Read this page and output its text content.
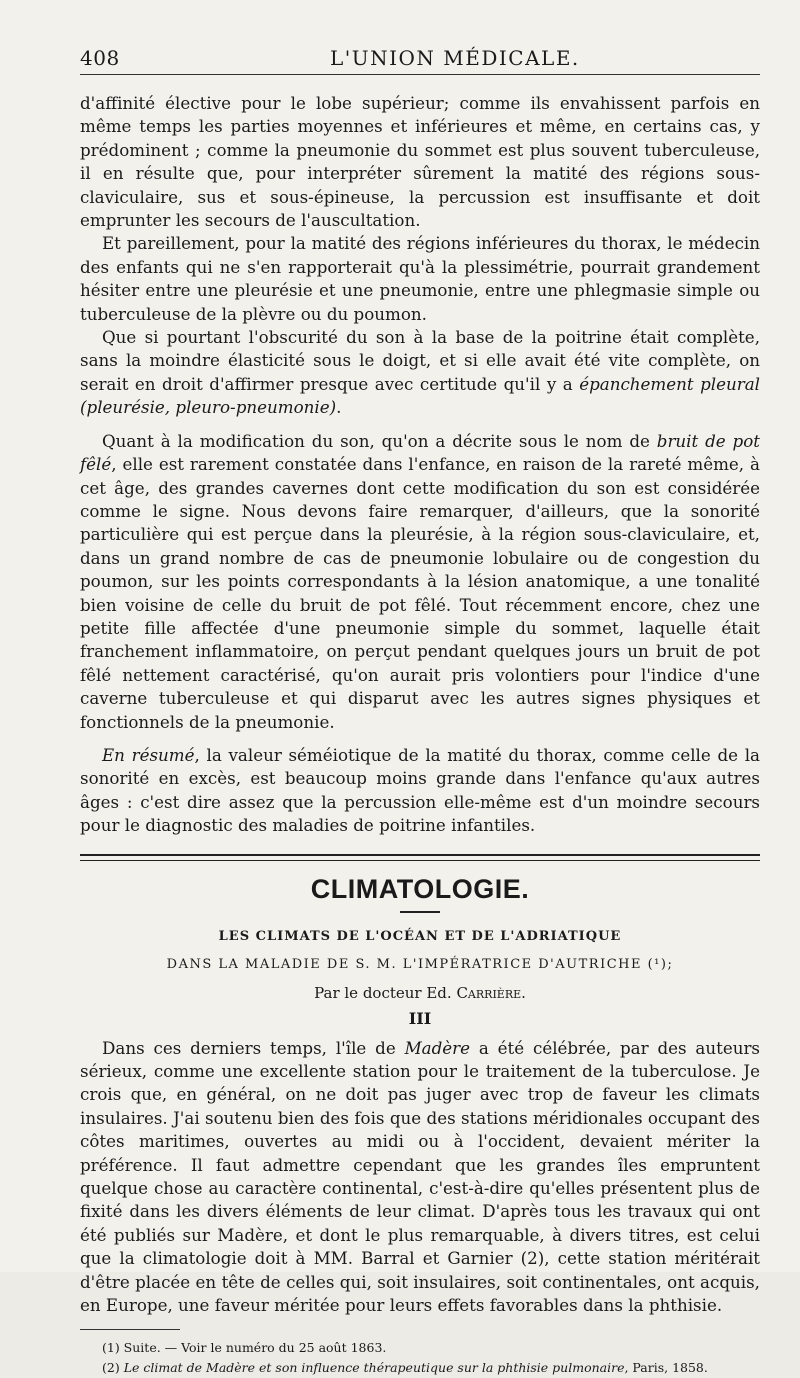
408	L'UNION MÉDICALE.

d'affinité élective pour le lobe supérieur; comme ils envahissent parfois en même temps les parties moyennes et inférieures et même, en certains cas, y prédominent ; comme la pneumonie du sommet est plus souvent tuberculeuse, il en résulte que, pour interpréter sûrement la matité des régions sous-claviculaire, sus et sous-épineuse, la percussion est insuffisante et doit emprunter les secours de l'auscultation.

Et pareillement, pour la matité des régions inférieures du thorax, le médecin des enfants qui ne s'en rapporterait qu'à la plessimétrie, pourrait grandement hésiter entre une pleurésie et une pneumonie, entre une phlegmasie simple ou tuberculeuse de la plèvre ou du poumon.

Que si pourtant l'obscurité du son à la base de la poitrine était complète, sans la moindre élasticité sous le doigt, et si elle avait été vite complète, on serait en droit d'affirmer presque avec certitude qu'il y a épanchement pleural (pleurésie, pleuro-pneumonie).

Quant à la modification du son, qu'on a décrite sous le nom de bruit de pot fêlé, elle est rarement constatée dans l'enfance, en raison de la rareté même, à cet âge, des grandes cavernes dont cette modification du son est considérée comme le signe. Nous devons faire remarquer, d'ailleurs, que la sonorité particulière qui est perçue dans la pleurésie, à la région sous-claviculaire, et, dans un grand nombre de cas de pneumonie lobulaire ou de congestion du poumon, sur les points correspondants à la lésion anatomique, a une tonalité bien voisine de celle du bruit de pot fêlé. Tout récemment encore, chez une petite fille affectée d'une pneumonie simple du sommet, laquelle était franchement inflammatoire, on perçut pendant quelques jours un bruit de pot fêlé nettement caractérisé, qu'on aurait pris volontiers pour l'indice d'une caverne tuberculeuse et qui disparut avec les autres signes physiques et fonctionnels de la pneumonie.

En résumé, la valeur séméiotique de la matité du thorax, comme celle de la sonorité en excès, est beaucoup moins grande dans l'enfance qu'aux autres âges : c'est dire assez que la percussion elle-même est d'un moindre secours pour le diagnostic des maladies de poitrine infantiles.

CLIMATOLOGIE.
LES CLIMATS DE L'OCÉAN ET DE L'ADRIATIQUE
DANS LA MALADIE DE S. M. L'IMPÉRATRICE D'AUTRICHE (¹);
Par le docteur Ed. Carrière.
III

Dans ces derniers temps, l'île de Madère a été célébrée, par des auteurs sérieux, comme une excellente station pour le traitement de la tuberculose. Je crois que, en général, on ne doit pas juger avec trop de faveur les climats insulaires. J'ai soutenu bien des fois que des stations méridionales occupant des côtes maritimes, ouvertes au midi ou à l'occident, devaient mériter la préférence. Il faut admettre cependant que les grandes îles empruntent quelque chose au caractère continental, c'est-à-dire qu'elles présentent plus de fixité dans les divers éléments de leur climat. D'après tous les travaux qui ont été publiés sur Madère, et dont le plus remarquable, à divers titres, est celui que la climatologie doit à MM. Barral et Garnier (2), cette station méritérait d'être placée en tête de celles qui, soit insulaires, soit continentales, ont acquis, en Europe, une faveur méritée pour leurs effets favorables dans la phthisie.

(1) Suite. — Voir le numéro du 25 août 1863.
(2) Le climat de Madère et son influence thérapeutique sur la phthisie pulmonaire, Paris, 1858.
